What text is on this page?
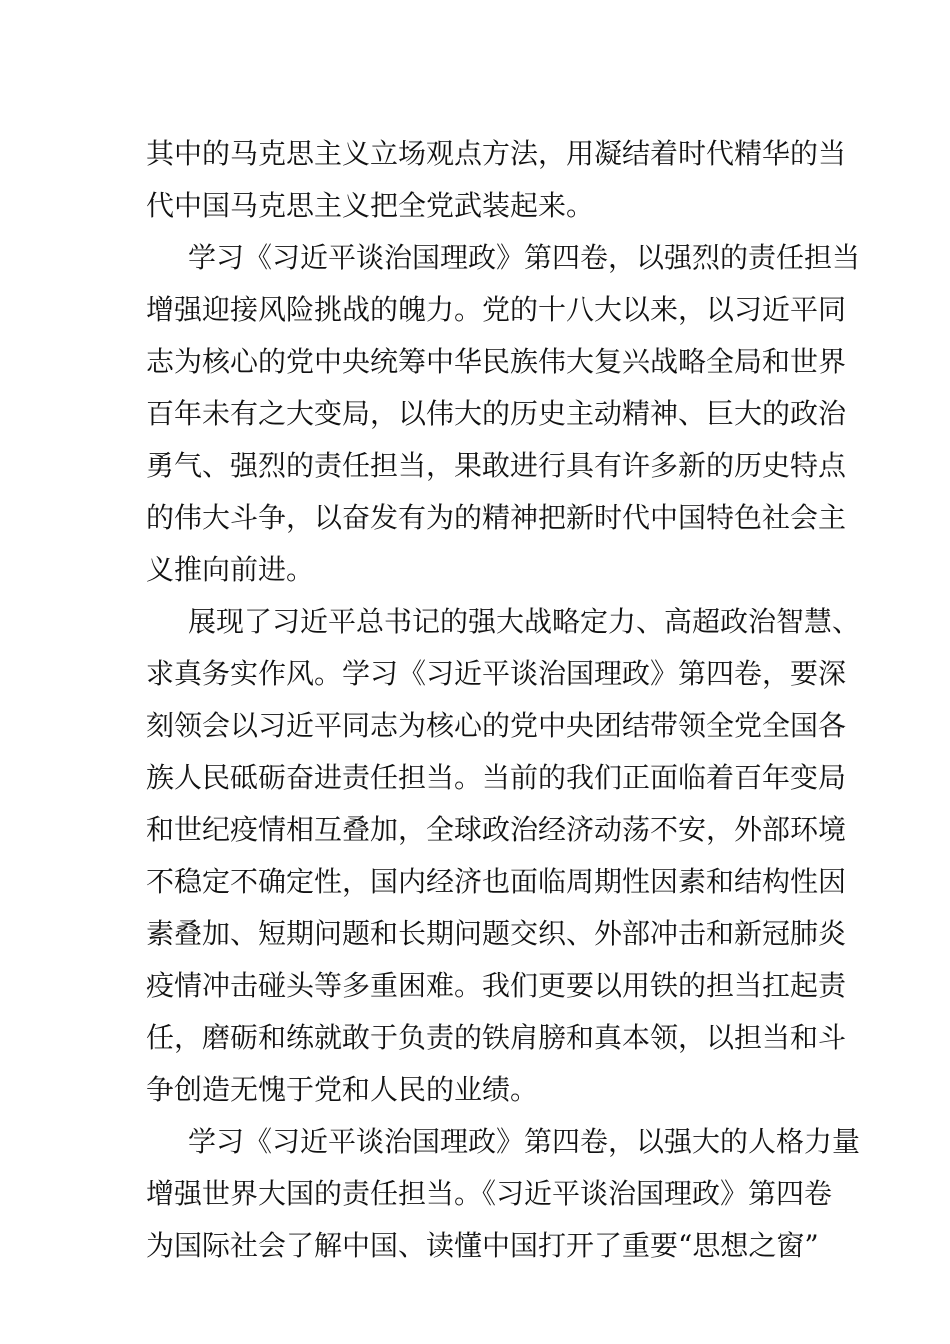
其中的马克思主义立场观点方法，用凝结着时代精华的当
代中国马克思主义把全党武装起来。
学习《习近平谈治国理政》第四卷，以强烈的责任担当
增强迎接风险挑战的魄力。党的十八大以来，以习近平同
志为核心的党中央统筹中华民族伟大复兴战略全局和世界
百年未有之大变局，以伟大的历史主动精神、巨大的政治
勇气、强烈的责任担当，果敢进行具有许多新的历史特点
的伟大斗争，以奋发有为的精神把新时代中国特色社会主
义推向前进。
展现了习近平总书记的强大战略定力、高超政治智慧、
求真务实作风。学习《习近平谈治国理政》第四卷，要深
刻领会以习近平同志为核心的党中央团结带领全党全国各
族人民砥砺奋进责任担当。当前的我们正面临着百年变局
和世纪疫情相互叠加，全球政治经济动荡不安，外部环境
不稳定不确定性，国内经济也面临周期性因素和结构性因
素叠加、短期问题和长期问题交织、外部冲击和新冠肺炎
疫情冲击碰头等多重困难。我们更要以用铁的担当扛起责
任，磨砺和练就敢于负责的铁肩膀和真本领，以担当和斗
争创造无愧于党和人民的业绩。
学习《习近平谈治国理政》第四卷，以强大的人格力量
增强世界大国的责任担当。《习近平谈治国理政》第四卷
为国际社会了解中国、读懂中国打开了重要“思想之窗”
